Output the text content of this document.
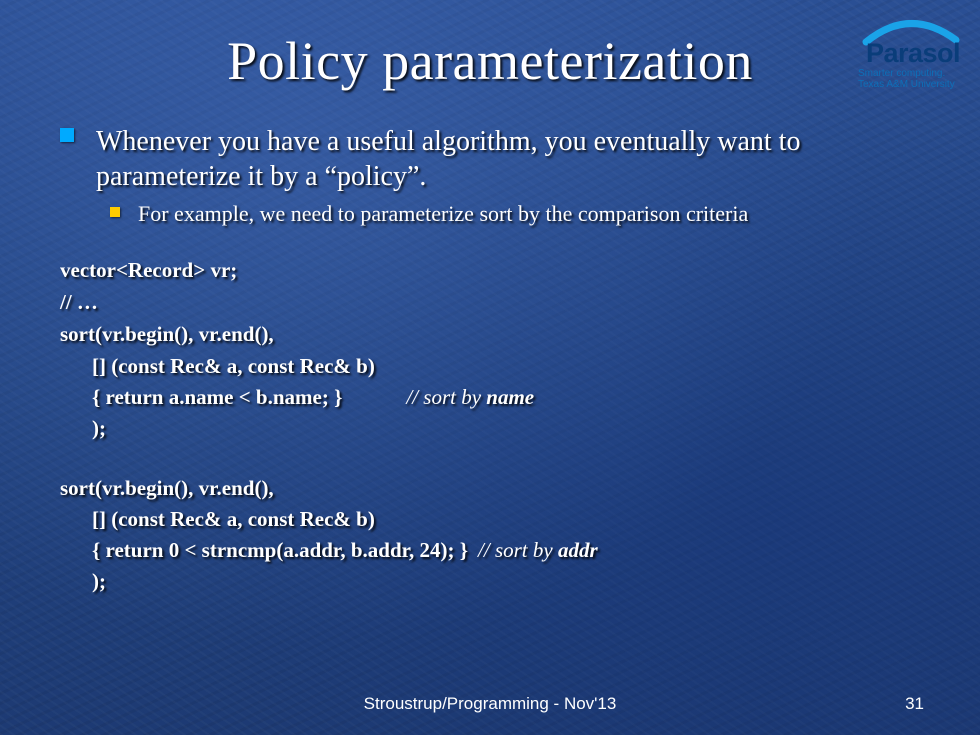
Policy parameterization	Parasol
Smarter computing.
Texas A&M University
Whenever you have a useful algorithm, you eventually want to parameterize it by a “policy”.
For example, we need to parameterize sort by the comparison criteria
vector<Record> vr;
// …
sort(vr.begin(), vr.end(),
[] (const Rec& a, const Rec& b)
{ return a.name < b.name; }	// sort by name
);
sort(vr.begin(), vr.end(),
[] (const Rec& a, const Rec& b)
{ return 0 < strncmp(a.addr, b.addr, 24); } // sort by addr
);
Stroustrup/Programming - Nov'13	31
